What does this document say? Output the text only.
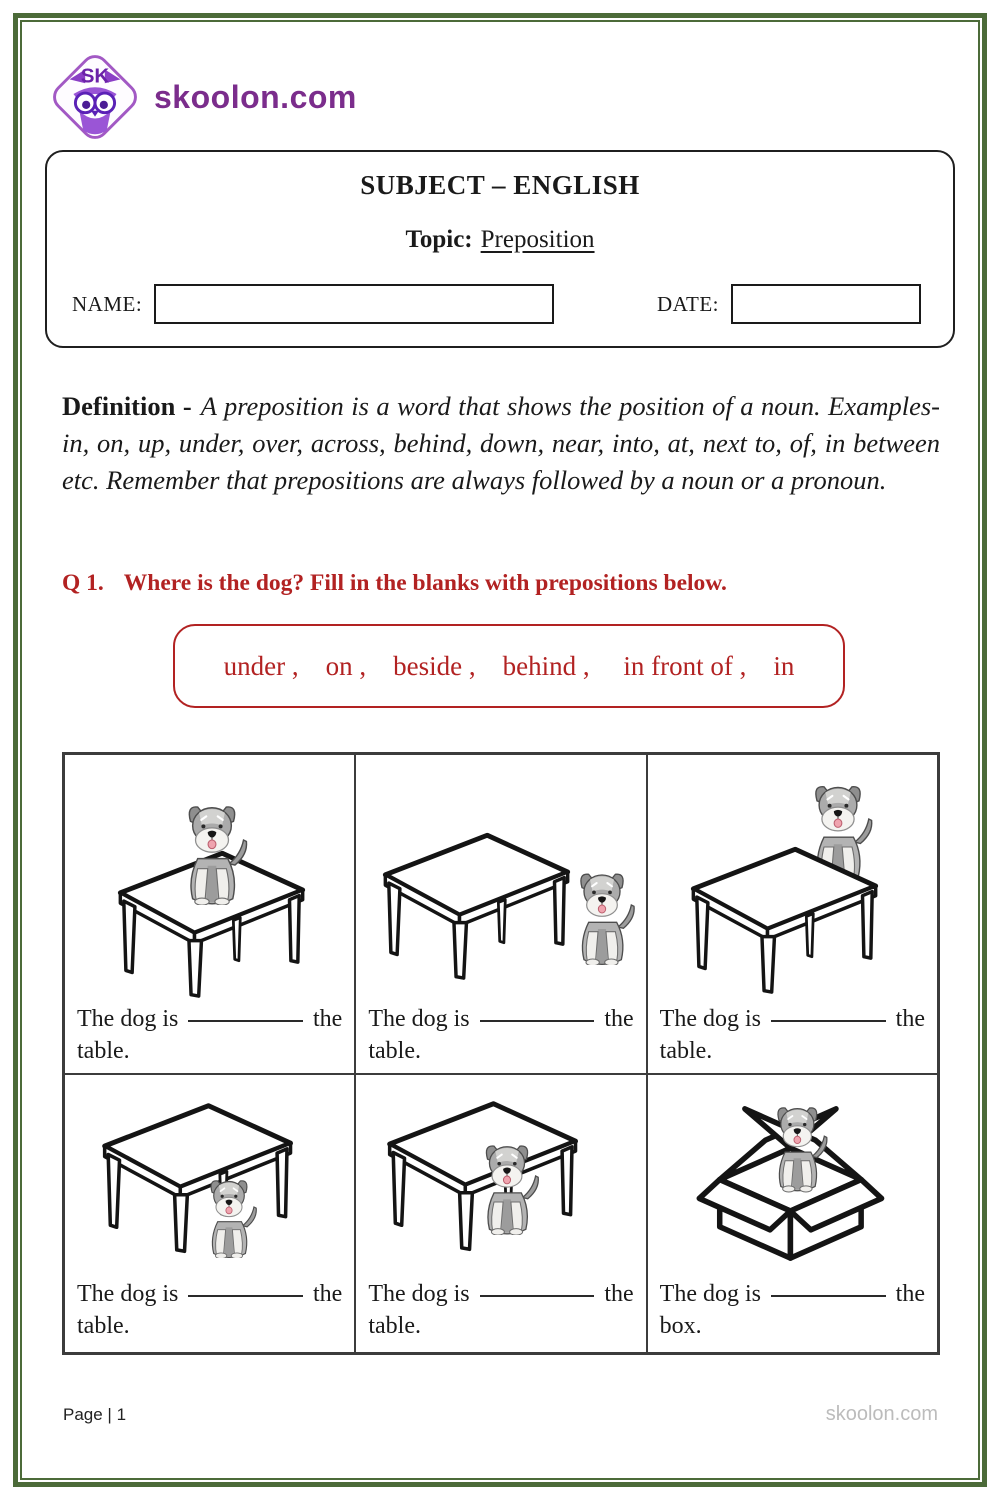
SK
skoolon.com
SUBJECT – ENGLISH
Topic: Preposition
NAME:	DATE:
Definition - A preposition is a word that shows the position of a noun. Examples- in, on, up, under, over, across, behind, down, near, into, at, next to, of, in between etc. Remember that prepositions are always followed by a noun or a pronoun.
Q 1. Where is the dog? Fill in the blanks with prepositions below.
under ,    on ,    beside ,    behind ,     in front of ,    in
The dog is	the
table.
The dog is	the
table.
The dog is	the
table.
The dog is	the
table.
The dog is	the
table.
The dog is	the
box.
Page | 1	skoolon.com
